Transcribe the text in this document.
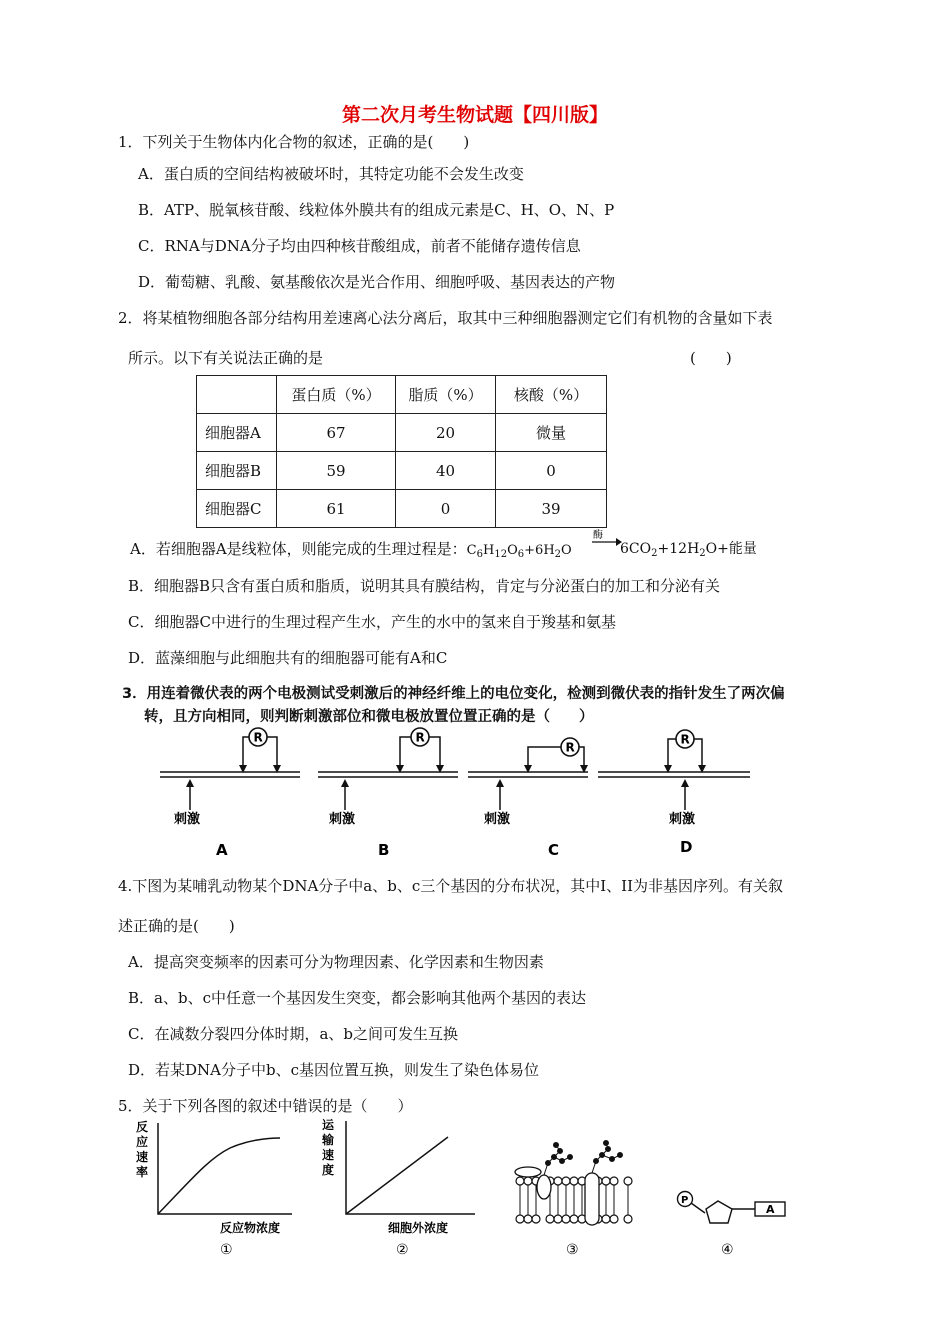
第二次月考生物试题【四川版】
1．下列关于生物体内化合物的叙述，正确的是(　　)
A．蛋白质的空间结构被破坏时，其特定功能不会发生改变
B．ATP、脱氧核苷酸、线粒体外膜共有的组成元素是C、H、O、N、P
C．RNA与DNA分子均由四种核苷酸组成，前者不能储存遗传信息
D．葡萄糖、乳酸、氨基酸依次是光合作用、细胞呼吸、基因表达的产物
2．将某植物细胞各部分结构用差速离心法分离后，取其中三种细胞器测定它们有机物的含量如下表
所示。以下有关说法正确的是	(　　)
	蛋白质（%）	脂质（%）	核酸（%）
细胞器A	67	20	微量
细胞器B	59	40	0
细胞器C	61	0	39
A．若细胞器A是线粒体，则能完成的生理过程是：$C_6H_{12}O_6+6H_2O$
酶
$6CO_2+12H_2O+$能量
B．细胞器B只含有蛋白质和脂质，说明其具有膜结构，肯定与分泌蛋白的加工和分泌有关
C．细胞器C中进行的生理过程产生水，产生的水中的氢来自于羧基和氨基
D．蓝藻细胞与此细胞共有的细胞器可能有A和C
3．用连着微伏表的两个电极测试受刺激后的神经纤维上的电位变化，检测到微伏表的指针发生了两次偏
转，且方向相同，则判断刺激部位和微电极放置位置正确的是（　　）
R
刺激
A
R
刺激
B
R
刺激
C
R
刺激
D
4.下图为某哺乳动物某个DNA分子中a、b、c三个基因的分布状况，其中I、II为非基因序列。有关叙
述正确的是(　　)
A．提高突变频率的因素可分为物理因素、化学因素和生物因素
B．a、b、c中任意一个基因发生突变，都会影响其他两个基因的表达
C．在减数分裂四分体时期，a、b之间可发生互换
D．若某DNA分子中b、c基因位置互换，则发生了染色体易位
5．关于下列各图的叙述中错误的是（　　）
反
应
速
率
反应物浓度
①
运
输
速
度
细胞外浓度
②	③
P
A
④
